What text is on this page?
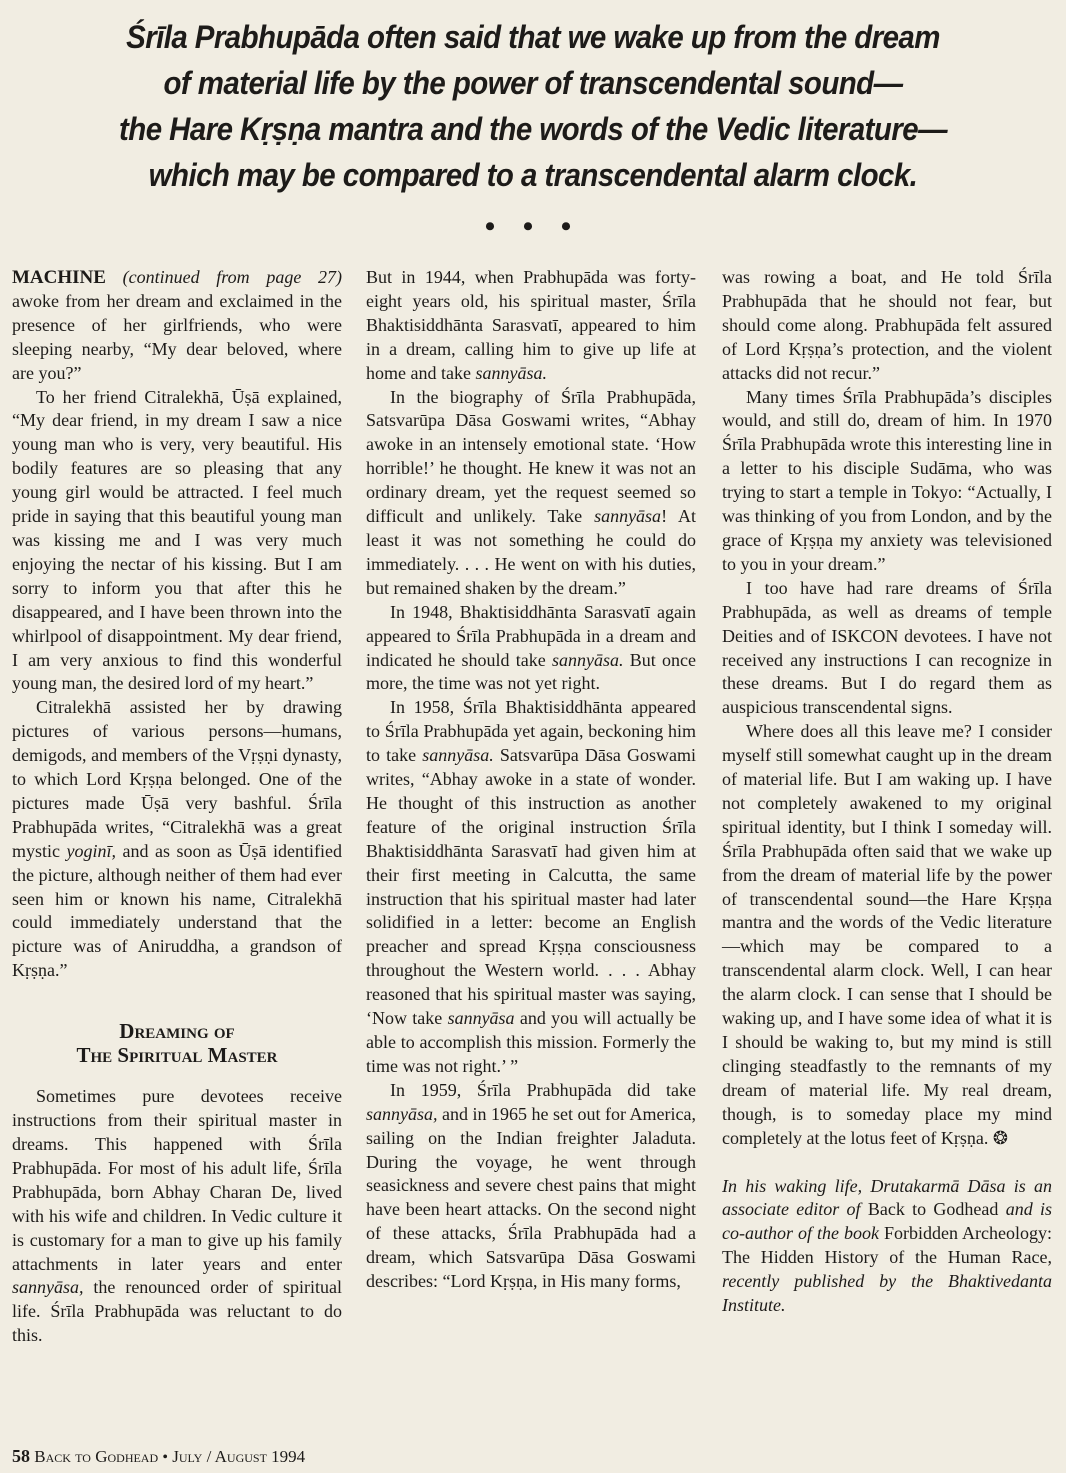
Śrīla Prabhupāda often said that we wake up from the dream
of material life by the power of transcendental sound—
the Hare Kṛṣṇa mantra and the words of the Vedic literature—
which may be compared to a transcendental alarm clock.
• • •

MACHINE (continued from page 27) awoke from her dream and exclaimed in the presence of her girlfriends, who were sleeping nearby, “My dear beloved, where are you?”

To her friend Citralekhā, Ūṣā explained, “My dear friend, in my dream I saw a nice young man who is very, very beautiful. His bodily features are so pleasing that any young girl would be attracted. I feel much pride in saying that this beautiful young man was kissing me and I was very much enjoying the nectar of his kissing. But I am sorry to inform you that after this he disappeared, and I have been thrown into the whirlpool of disappointment. My dear friend, I am very anxious to find this wonderful young man, the desired lord of my heart.”

Citralekhā assisted her by drawing pictures of various persons—humans, demigods, and members of the Vṛṣṇi dynasty, to which Lord Kṛṣṇa belonged. One of the pictures made Ūṣā very bashful. Śrīla Prabhupāda writes, “Citralekhā was a great mystic yoginī, and as soon as Ūṣā identified the picture, although neither of them had ever seen him or known his name, Citralekhā could immediately understand that the picture was of Aniruddha, a grandson of Kṛṣṇa.”

Dreaming of
The Spiritual Master

Sometimes pure devotees receive instructions from their spiritual master in dreams. This happened with Śrīla Prabhupāda. For most of his adult life, Śrīla Prabhupāda, born Abhay Charan De, lived with his wife and children. In Vedic culture it is customary for a man to give up his family attachments in later years and enter sannyāsa, the renounced order of spiritual life. Śrīla Prabhupāda was reluctant to do this.

But in 1944, when Prabhupāda was forty-eight years old, his spiritual master, Śrīla Bhaktisiddhānta Sarasvatī, appeared to him in a dream, calling him to give up life at home and take sannyāsa.

In the biography of Śrīla Prabhupāda, Satsvarūpa Dāsa Goswami writes, “Abhay awoke in an intensely emotional state. ‘How horrible!’ he thought. He knew it was not an ordinary dream, yet the request seemed so difficult and unlikely. Take sannyāsa! At least it was not something he could do immediately. . . . He went on with his duties, but remained shaken by the dream.”

In 1948, Bhaktisiddhānta Sarasvatī again appeared to Śrīla Prabhupāda in a dream and indicated he should take sannyāsa. But once more, the time was not yet right.

In 1958, Śrīla Bhaktisiddhānta appeared to Śrīla Prabhupāda yet again, beckoning him to take sannyāsa. Satsvarūpa Dāsa Goswami writes, “Abhay awoke in a state of wonder. He thought of this instruction as another feature of the original instruction Śrīla Bhaktisiddhānta Sarasvatī had given him at their first meeting in Calcutta, the same instruction that his spiritual master had later solidified in a letter: become an English preacher and spread Kṛṣṇa consciousness throughout the Western world. . . . Abhay reasoned that his spiritual master was saying, ‘Now take sannyāsa and you will actually be able to accomplish this mission. Formerly the time was not right.’ ”

In 1959, Śrīla Prabhupāda did take sannyāsa, and in 1965 he set out for America, sailing on the Indian freighter Jaladuta. During the voyage, he went through seasickness and severe chest pains that might have been heart attacks. On the second night of these attacks, Śrīla Prabhupāda had a dream, which Satsvarūpa Dāsa Goswami describes: “Lord Kṛṣṇa, in His many forms,

was rowing a boat, and He told Śrīla Prabhupāda that he should not fear, but should come along. Prabhupāda felt assured of Lord Kṛṣṇa’s protection, and the violent attacks did not recur.”

Many times Śrīla Prabhupāda’s disciples would, and still do, dream of him. In 1970 Śrīla Prabhupāda wrote this interesting line in a letter to his disciple Sudāma, who was trying to start a temple in Tokyo: “Actually, I was thinking of you from London, and by the grace of Kṛṣṇa my anxiety was televisioned to you in your dream.”

I too have had rare dreams of Śrīla Prabhupāda, as well as dreams of temple Deities and of ISKCON devotees. I have not received any instructions I can recognize in these dreams. But I do regard them as auspicious transcendental signs.

Where does all this leave me? I consider myself still somewhat caught up in the dream of material life. But I am waking up. I have not completely awakened to my original spiritual identity, but I think I someday will. Śrīla Prabhupāda often said that we wake up from the dream of material life by the power of transcendental sound—the Hare Kṛṣṇa mantra and the words of the Vedic literature—which may be compared to a transcendental alarm clock. Well, I can hear the alarm clock. I can sense that I should be waking up, and I have some idea of what it is I should be waking to, but my mind is still clinging steadfastly to the remnants of my dream of material life. My real dream, though, is to someday place my mind completely at the lotus feet of Kṛṣṇa. ❂

In his waking life, Drutakarmā Dāsa is an associate editor of Back to Godhead and is co-author of the book Forbidden Archeology: The Hidden History of the Human Race, recently published by the Bhaktivedanta Institute.

58 Back to Godhead • July / August 1994
